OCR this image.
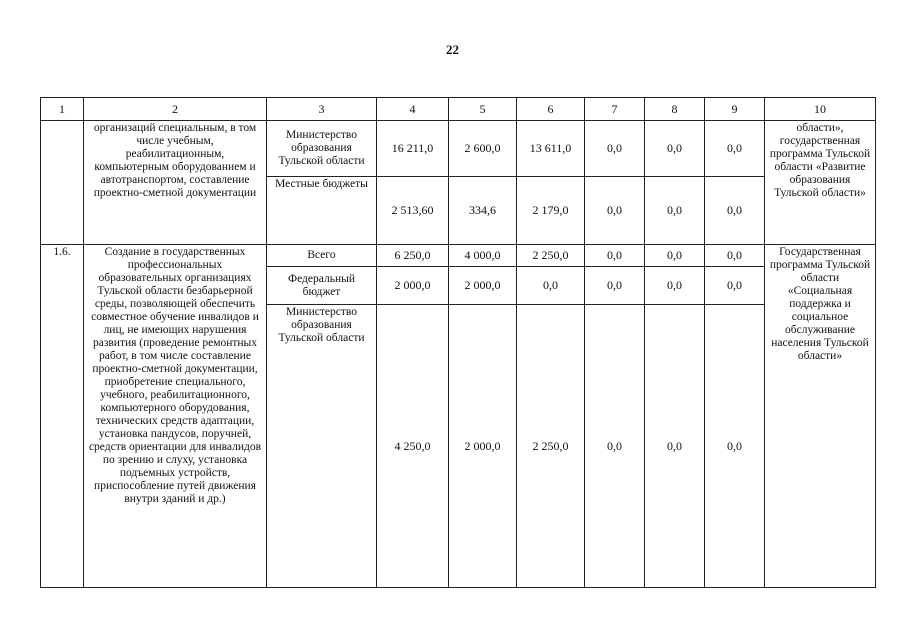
22
1	2	3	4	5	6	7	8	9	10
	организаций специальным, в том числе учебным, реабилитационным, компьютерным оборудованием и автотранспортом, составление проектно-сметной документации	Министерство образования Тульской области	16 211,0	2 600,0	13 611,0	0,0	0,0	0,0	области», государственная программа Тульской области «Развитие образования Тульской области»
		Местные бюджеты	2 513,60	334,6	2 179,0	0,0	0,0	0,0	
1.6.	Создание в государственных профессиональных образовательных организациях Тульской области безбарьерной среды, позволяющей обеспечить совместное обучение инвалидов и лиц, не имеющих нарушения развития (проведение ремонтных работ, в том числе составление проектно-сметной документации, приобретение специального, учебного, реабилитационного, компьютерного оборудования, технических средств адаптации, установка пандусов, поручней, средств ориентации для инвалидов по зрению и слуху, установка подъемных устройств, приспособление путей движения внутри зданий и др.)	Всего	6 250,0	4 000,0	2 250,0	0,0	0,0	0,0	Государственная программа Тульской области «Социальная поддержка и социальное обслуживание населения Тульской области»
		Федеральный бюджет	2 000,0	2 000,0	0,0	0,0	0,0	0,0	
		Министерство образования Тульской области	4 250,0	2 000,0	2 250,0	0,0	0,0	0,0	
